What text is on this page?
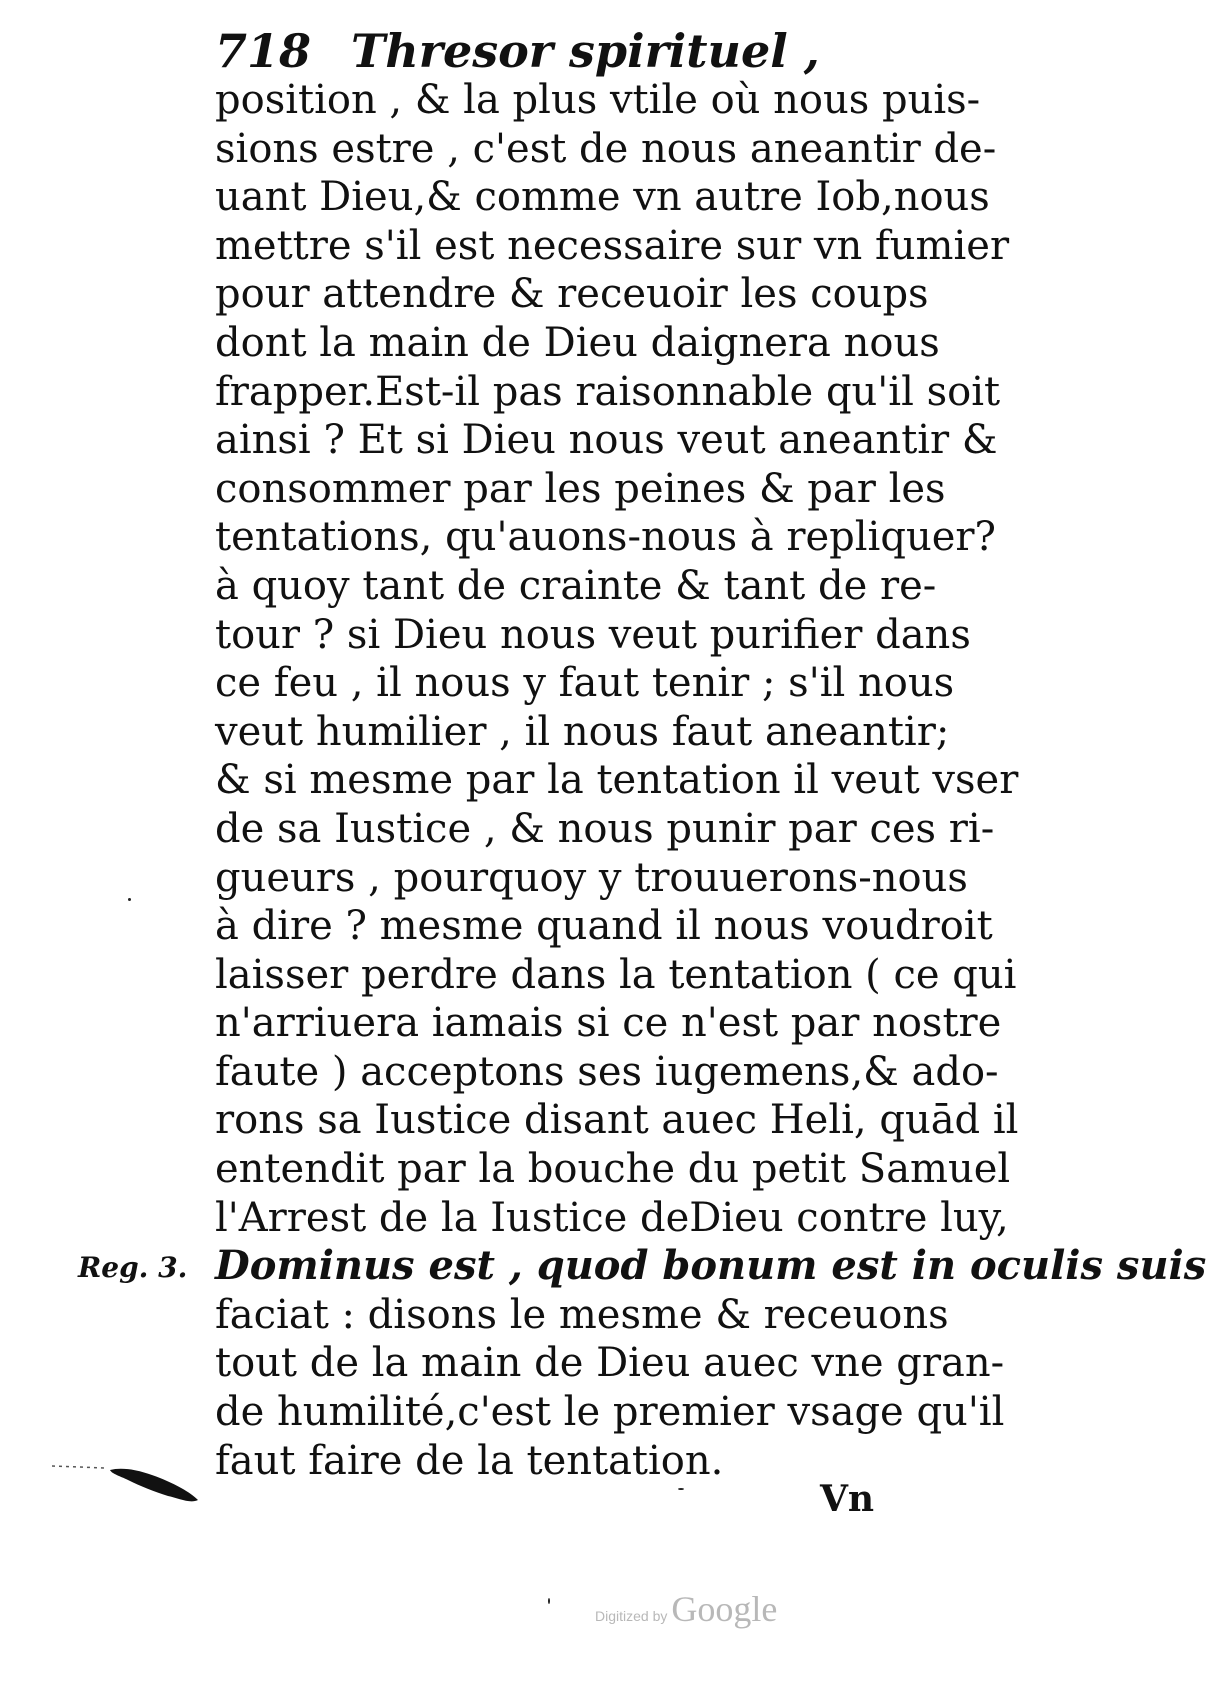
718 Thresor spirituel ,
position , & la plus vtile où nous puis-
sions estre , c'est de nous aneantir de-
uant Dieu,& comme vn autre Iob,nous
mettre s'il est necessaire sur vn fumier
pour attendre & receuoir les coups
dont la main de Dieu daignera nous
frapper.Est-il pas raisonnable qu'il soit
ainsi ? Et si Dieu nous veut aneantir &
consommer par les peines & par les
tentations, qu'auons-nous à repliquer?
à quoy tant de crainte & tant de re-
tour ? si Dieu nous veut purifier dans
ce feu , il nous y faut tenir ; s'il nous
veut humilier , il nous faut aneantir;
& si mesme par la tentation il veut vser
de sa Iustice , & nous punir par ces ri-
gueurs , pourquoy y trouuerons-nous
à dire ? mesme quand il nous voudroit
laisser perdre dans la tentation ( ce qui
n'arriuera iamais si ce n'est par nostre
faute ) acceptons ses iugemens,& ado-
rons sa Iustice disant auec Heli, quād il
entendit par la bouche du petit Samuel
l'Arrest de la Iustice deDieu contre luy,
Dominus est , quod bonum est in oculis suis
faciat : disons le mesme & receuons
tout de la main de Dieu auec vne gran-
de humilité,c'est le premier vsage qu'il
faut faire de la tentation.
Reg. 3.
Vn
Digitized by Google
